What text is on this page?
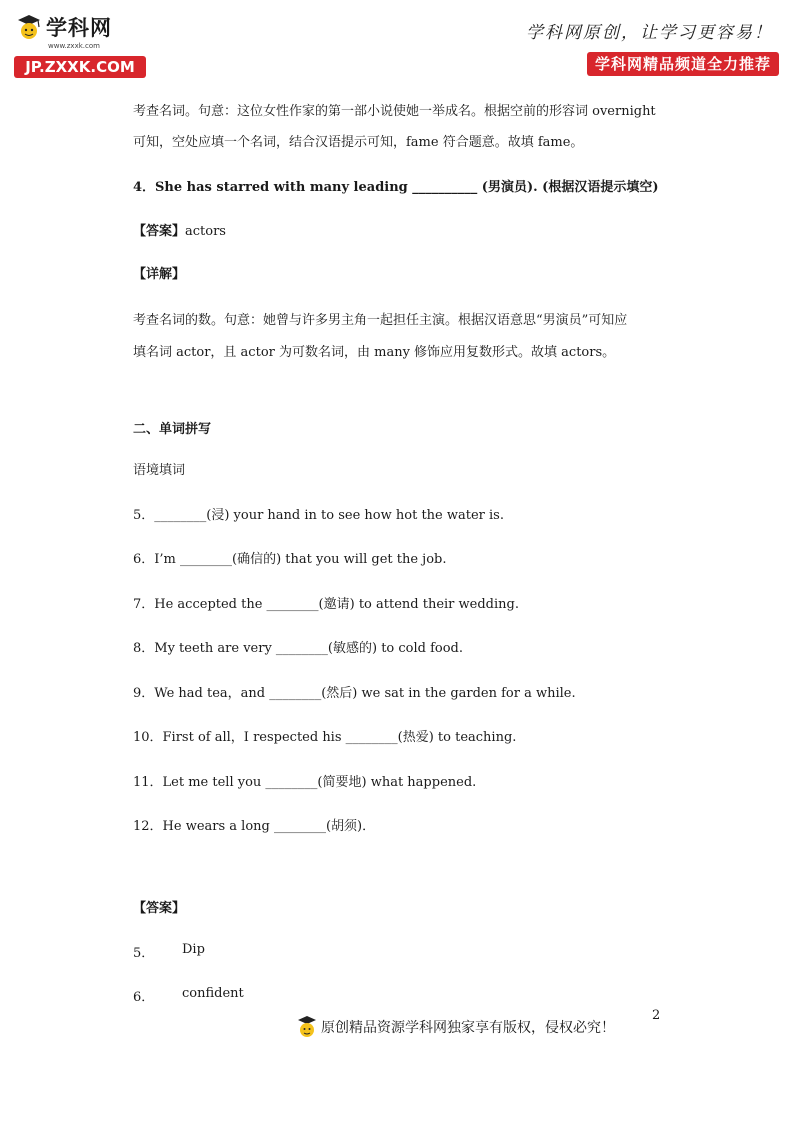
学科网
www.zxxk.com
JP.ZXXK.COM
学科网原创，让学习更容易！
学科网精品频道全力推荐
考查名词。句意：这位女性作家的第一部小说使她一举成名。根据空前的形容词 overnight
可知，空处应填一个名词，结合汉语提示可知，fame 符合题意。故填 fame。
4．She has starred with many leading __________ (男演员). (根据汉语提示填空)
【答案】actors
【详解】
考查名词的数。句意：她曾与许多男主角一起担任主演。根据汉语意思“男演员”可知应
填名词 actor，且 actor 为可数名词，由 many 修饰应用复数形式。故填 actors。
二、单词拼写
语境填词
5．________(浸) your hand in to see how hot the water is.
6．I’m ________(确信的) that you will get the job.
7．He accepted the ________(邀请) to attend their wedding.
8．My teeth are very ________(敏感的) to cold food.
9．We had tea，and ________(然后) we sat in the garden for a while.
10．First of all，I respected his ________(热爱) to teaching.
11．Let me tell you ________(简要地) what happened.
12．He wears a long ________(胡须)．
【答案】
5． Dip
6． confident
2
原创精品资源学科网独家享有版权，侵权必究！
